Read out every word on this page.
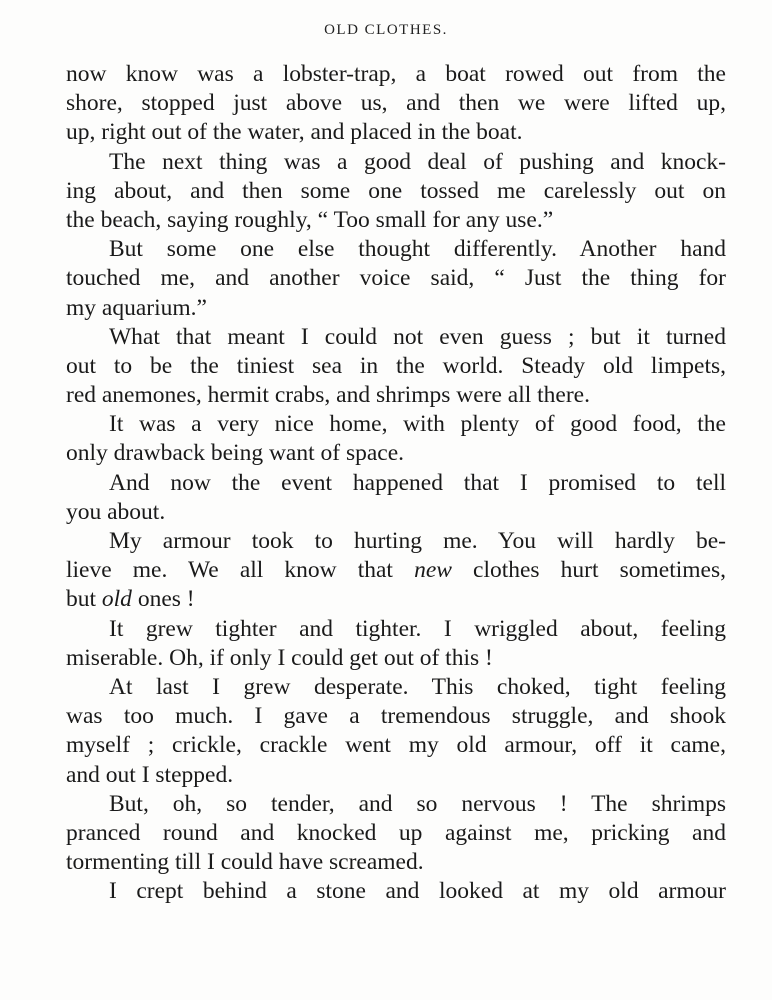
OLD CLOTHES.
now know was a lobster-trap, a boat rowed out from the
shore, stopped just above us, and then we were lifted up,
up, right out of the water, and placed in the boat.
The next thing was a good deal of pushing and knock-
ing about, and then some one tossed me carelessly out on
the beach, saying roughly, “ Too small for any use.”
But some one else thought differently. Another hand
touched me, and another voice said, “ Just the thing for
my aquarium.”
What that meant I could not even guess ; but it turned
out to be the tiniest sea in the world. Steady old limpets,
red anemones, hermit crabs, and shrimps were all there.
It was a very nice home, with plenty of good food, the
only drawback being want of space.
And now the event happened that I promised to tell
you about.
My armour took to hurting me. You will hardly be-
lieve me. We all know that new clothes hurt sometimes,
but old ones !
It grew tighter and tighter. I wriggled about, feeling
miserable. Oh, if only I could get out of this !
At last I grew desperate. This choked, tight feeling
was too much. I gave a tremendous struggle, and shook
myself ; crickle, crackle went my old armour, off it came,
and out I stepped.
But, oh, so tender, and so nervous ! The shrimps
pranced round and knocked up against me, pricking and
tormenting till I could have screamed.
I crept behind a stone and looked at my old armour
